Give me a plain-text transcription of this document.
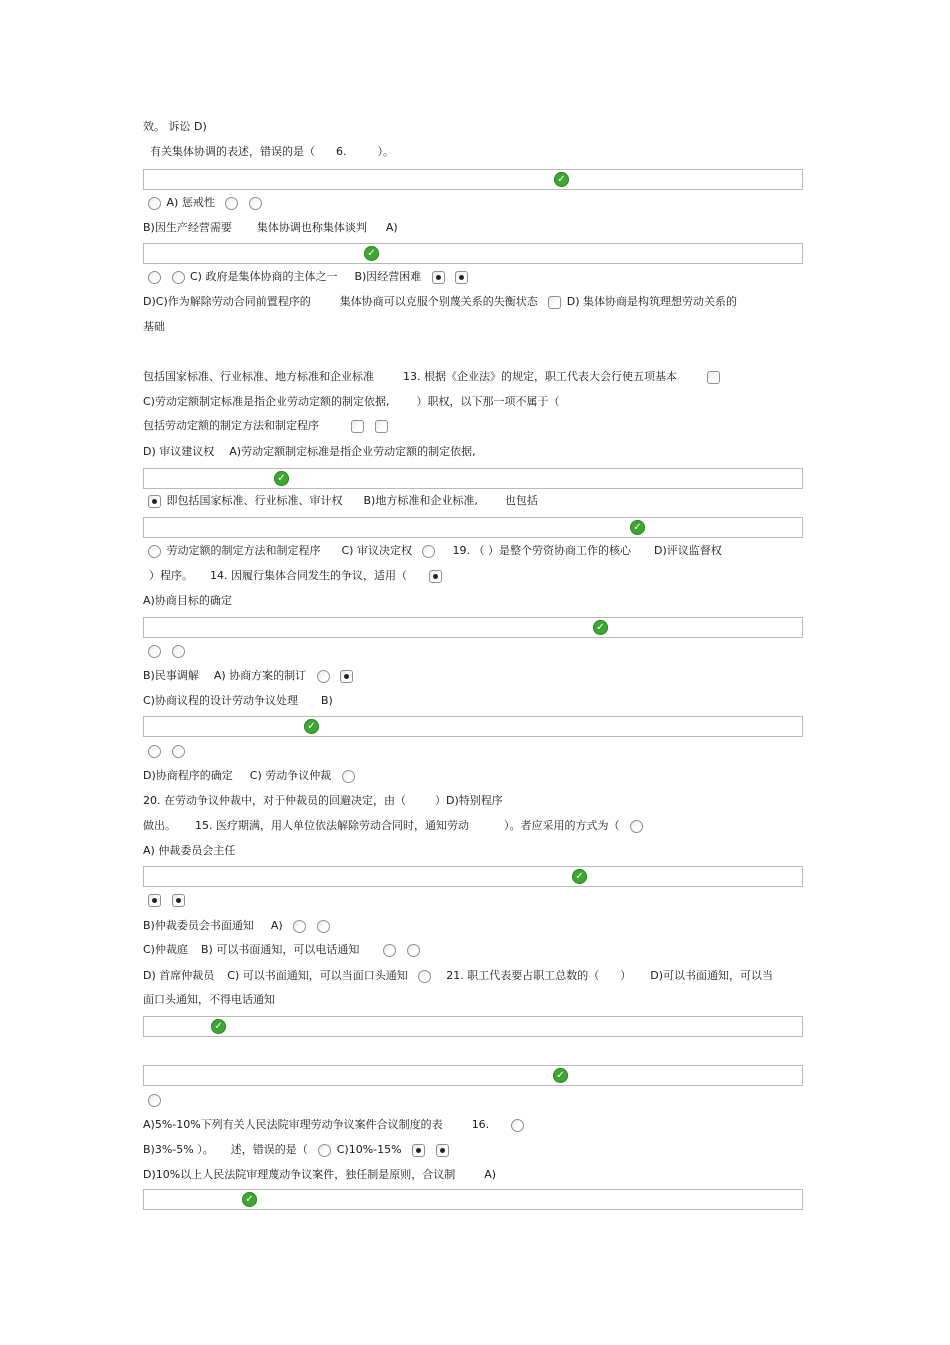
效。 诉讼 D)
有关集体协调的表述，错误的是（ 6.	）。
✓
A) 惩戒性
B)因生产经营需要 集体协调也称集体谈判 A)
✓
C) 政府是集体协商的主体之一 B)因经营困难
D)C)作为解除劳动合同前置程序的	集体协商可以克服个别蔑关系的失衡状态	D) 集体协商是构筑理想劳动关系的
基础
包括国家标准、行业标准、地方标准和企业标准	13. 根据《企业法》的规定，职工代表大会行使五项基本
C)劳动定额制定标准是指企业劳动定额的制定依据, ）职权，以下那一项不属于（
包括劳动定额的制定方法和制定程序
D) 审议建议权 A)劳动定额制定标准是指企业劳动定额的制定依据,
✓
即包括国家标准、行业标准、审计权 B)地方标准和企业标准, 也包括
✓
劳动定额的制定方法和制定程序 C) 审议决定权	19. （ ）是整个劳资协商工作的核心 D)评议监督权
）程序。 14. 因履行集体合同发生的争议，适用（
A)协商目标的确定
✓

B)民事调解 A) 协商方案的制订
C)协商议程的设计劳动争议处理 B)
✓

D)协商程序的确定 C) 劳动争议仲裁
20. 在劳动争议仲裁中，对于仲裁员的回避决定，由（	）D)特别程序
做出。 15. 医疗期满，用人单位依法解除劳动合同时，通知劳动	）。者应采用的方式为（
A) 仲裁委员会主任
✓

B)仲裁委员会书面通知 A)
C)仲裁庭 B) 可以书面通知，可以电话通知
D) 首席仲裁员 C) 可以书面通知，可以当面口头通知	21. 职工代表要占职工总数的（ ） D)可以书面通知，可以当
面口头通知，不得电话通知
✓
✓
A)5%-10%下列有关人民法院审理劳动争议案件合议制度的表	16.
B)3%-5% ）。 述，错误的是（	C)10%-15%
D)10%以上人民法院审理蔑动争议案件，独任制是原则，合议制	A)
✓
